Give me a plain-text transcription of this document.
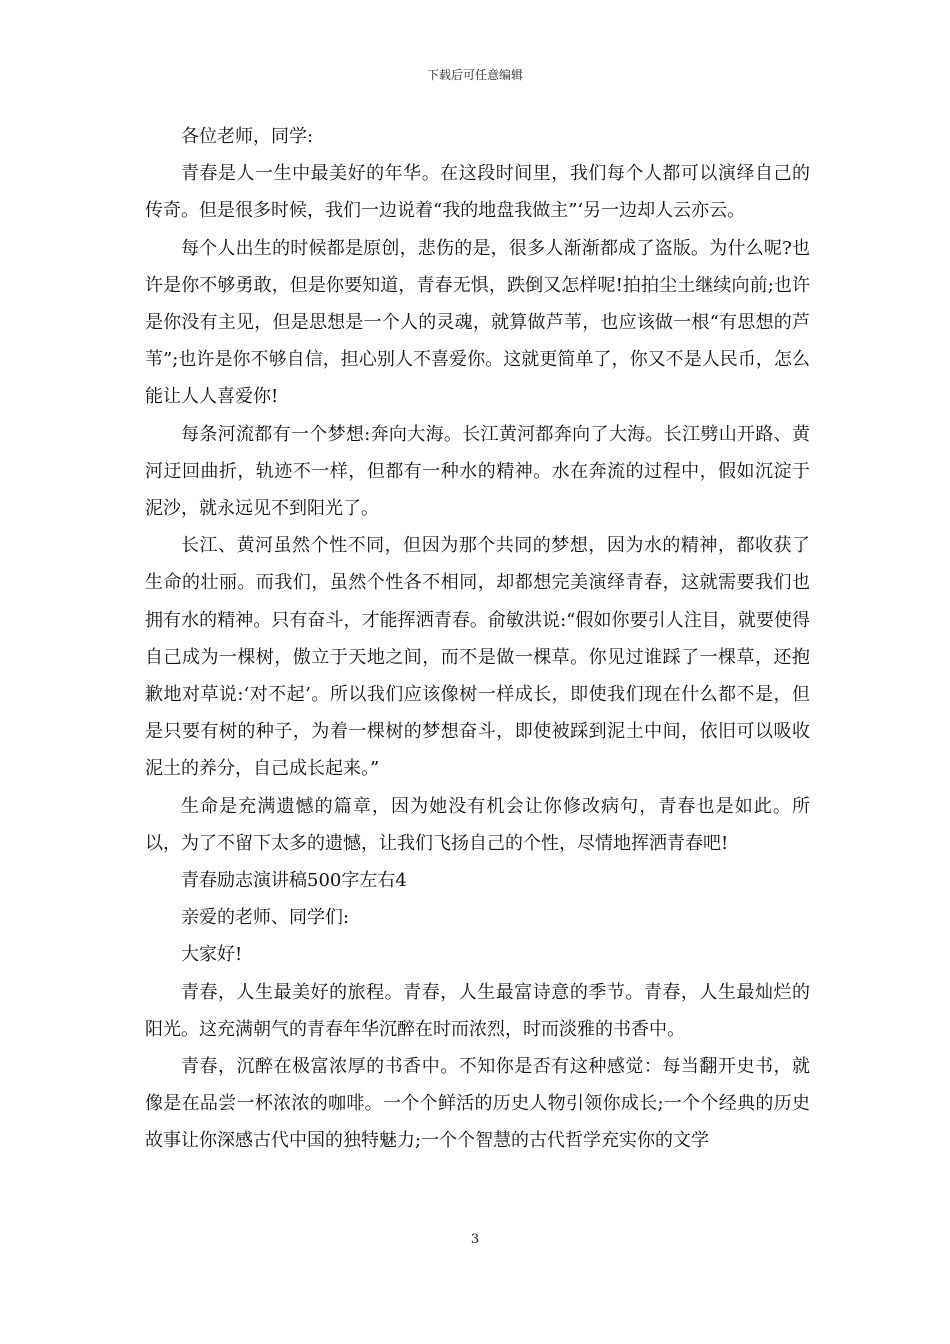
下载后可任意编辑

各位老师，同学:

青春是人一生中最美好的年华。在这段时间里，我们每个人都可以演绎自己的传奇。但是很多时候，我们一边说着“我的地盘我做主”‘另一边却人云亦云。

每个人出生的时候都是原创，悲伤的是，很多人渐渐都成了盗版。为什么呢?也许是你不够勇敢，但是你要知道，青春无惧，跌倒又怎样呢!拍拍尘土继续向前;也许是你没有主见，但是思想是一个人的灵魂，就算做芦苇，也应该做一根“有思想的芦苇”;也许是你不够自信，担心别人不喜爱你。这就更简单了，你又不是人民币，怎么能让人人喜爱你!

每条河流都有一个梦想:奔向大海。长江黄河都奔向了大海。长江劈山开路、黄河迂回曲折，轨迹不一样，但都有一种水的精神。水在奔流的过程中，假如沉淀于泥沙，就永远见不到阳光了。

长江、黄河虽然个性不同，但因为那个共同的梦想，因为水的精神，都收获了生命的壮丽。而我们，虽然个性各不相同，却都想完美演绎青春，这就需要我们也拥有水的精神。只有奋斗，才能挥洒青春。俞敏洪说:“假如你要引人注目，就要使得自己成为一棵树，傲立于天地之间，而不是做一棵草。你见过谁踩了一棵草，还抱歉地对草说:‘对不起’。所以我们应该像树一样成长，即使我们现在什么都不是，但是只要有树的种子，为着一棵树的梦想奋斗，即使被踩到泥土中间，依旧可以吸收泥土的养分，自己成长起来。”

生命是充满遗憾的篇章，因为她没有机会让你修改病句，青春也是如此。所以，为了不留下太多的遗憾，让我们飞扬自己的个性，尽情地挥洒青春吧!

青春励志演讲稿500字左右4

亲爱的老师、同学们:

大家好!

青春，人生最美好的旅程。青春，人生最富诗意的季节。青春，人生最灿烂的阳光。这充满朝气的青春年华沉醉在时而浓烈，时而淡雅的书香中。

青春，沉醉在极富浓厚的书香中。不知你是否有这种感觉：每当翻开史书，就像是在品尝一杯浓浓的咖啡。一个个鲜活的历史人物引领你成长;一个个经典的历史故事让你深感古代中国的独特魅力;一个个智慧的古代哲学充实你的文学

3
